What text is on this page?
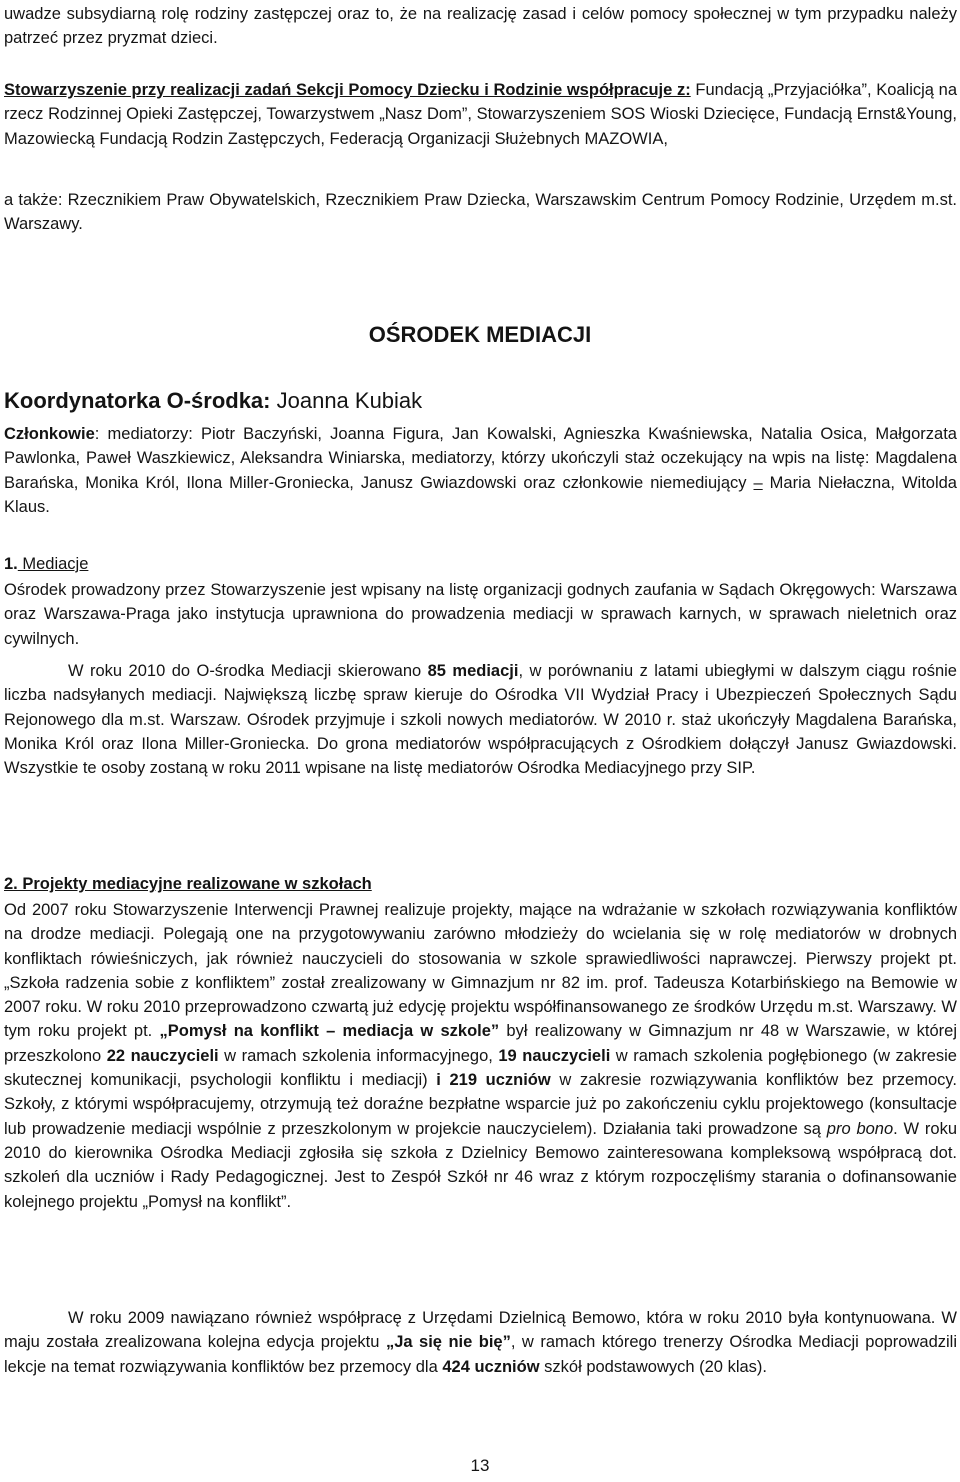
uwadze subsydiarną rolę rodziny zastępczej oraz to, że na realizację zasad i celów pomocy społecznej w tym przypadku należy patrzeć przez pryzmat dzieci.

Stowarzyszenie przy realizacji zadań Sekcji Pomocy Dziecku i Rodzinie współpracuje z: Fundacją „Przyjaciółka”, Koalicją na rzecz Rodzinnej Opieki Zastępczej, Towarzystwem „Nasz Dom”, Stowarzyszeniem SOS Wioski Dziecięce, Fundacją Ernst&Young, Mazowiecką Fundacją Rodzin Zastępczych, Federacją Organizacji Służebnych MAZOWIA,

a także: Rzecznikiem Praw Obywatelskich, Rzecznikiem Praw Dziecka, Warszawskim Centrum Pomocy Rodzinie, Urzędem m.st. Warszawy.

OŚRODEK MEDIACJI

Koordynatorka O-środka: Joanna Kubiak

Członkowie: mediatorzy: Piotr Baczyński, Joanna Figura, Jan Kowalski, Agnieszka Kwaśniewska, Natalia Osica, Małgorzata Pawlonka, Paweł Waszkiewicz, Aleksandra Winiarska, mediatorzy, którzy ukończyli staż oczekujący na wpis na listę: Magdalena Barańska, Monika Król, Ilona Miller-Groniecka, Janusz Gwiazdowski oraz członkowie niemediujący – Maria Niełaczna, Witolda Klaus.

1. Mediacje

Ośrodek prowadzony przez Stowarzyszenie jest wpisany na listę organizacji godnych zaufania w Sądach Okręgowych: Warszawa oraz Warszawa-Praga jako instytucja uprawniona do prowadzenia mediacji w sprawach karnych, w sprawach nieletnich oraz cywilnych.

W roku 2010 do O-środka Mediacji skierowano 85 mediacji, w porównaniu z latami ubiegłymi w dalszym ciągu rośnie liczba nadsyłanych mediacji. Największą liczbę spraw kieruje do Ośrodka VII Wydział Pracy i Ubezpieczeń Społecznych Sądu Rejonowego dla m.st. Warszaw. Ośrodek przyjmuje i szkoli nowych mediatorów. W 2010 r. staż ukończyły Magdalena Barańska, Monika Król oraz Ilona Miller-Groniecka. Do grona mediatorów współpracujących z Ośrodkiem dołączył Janusz Gwiazdowski. Wszystkie te osoby zostaną w roku 2011 wpisane na listę mediatorów Ośrodka Mediacyjnego przy SIP.

2. Projekty mediacyjne realizowane w szkołach

Od 2007 roku Stowarzyszenie Interwencji Prawnej realizuje projekty, mające na wdrażanie w szkołach rozwiązywania konfliktów na drodze mediacji. Polegają one na przygotowywaniu zarówno młodzieży do wcielania się w rolę mediatorów w drobnych konfliktach rówieśniczych, jak również nauczycieli do stosowania w szkole sprawiedliwości naprawczej. Pierwszy projekt pt. „Szkoła radzenia sobie z konfliktem” został zrealizowany w Gimnazjum nr 82 im. prof. Tadeusza Kotarbińskiego na Bemowie w 2007 roku. W roku 2010 przeprowadzono czwartą już edycję projektu współfinansowanego ze środków Urzędu m.st. Warszawy. W tym roku projekt pt. „Pomysł na konflikt – mediacja w szkole” był realizowany w Gimnazjum nr 48 w Warszawie, w której przeszkolono 22 nauczycieli w ramach szkolenia informacyjnego, 19 nauczycieli w ramach szkolenia pogłębionego (w zakresie skutecznej komunikacji, psychologii konfliktu i mediacji) i 219 uczniów w zakresie rozwiązywania konfliktów bez przemocy. Szkoły, z którymi współpracujemy, otrzymują też doraźne bezpłatne wsparcie już po zakończeniu cyklu projektowego (konsultacje lub prowadzenie mediacji wspólnie z przeszkolonym w projekcie nauczycielem). Działania taki prowadzone są pro bono. W roku 2010 do kierownika Ośrodka Mediacji zgłosiła się szkoła z Dzielnicy Bemowo zainteresowana kompleksową współpracą dot. szkoleń dla uczniów i Rady Pedagogicznej. Jest to Zespół Szkół nr 46 wraz z którym rozpoczęliśmy starania o dofinansowanie kolejnego projektu „Pomysł na konflikt”.

W roku 2009 nawiązano również współpracę z Urzędami Dzielnicą Bemowo, która w roku 2010 była kontynuowana. W maju została zrealizowana kolejna edycja projektu „Ja się nie bię”, w ramach którego trenerzy Ośrodka Mediacji poprowadzili lekcje na temat rozwiązywania konfliktów bez przemocy dla 424 uczniów szkół podstawowych (20 klas).

13
